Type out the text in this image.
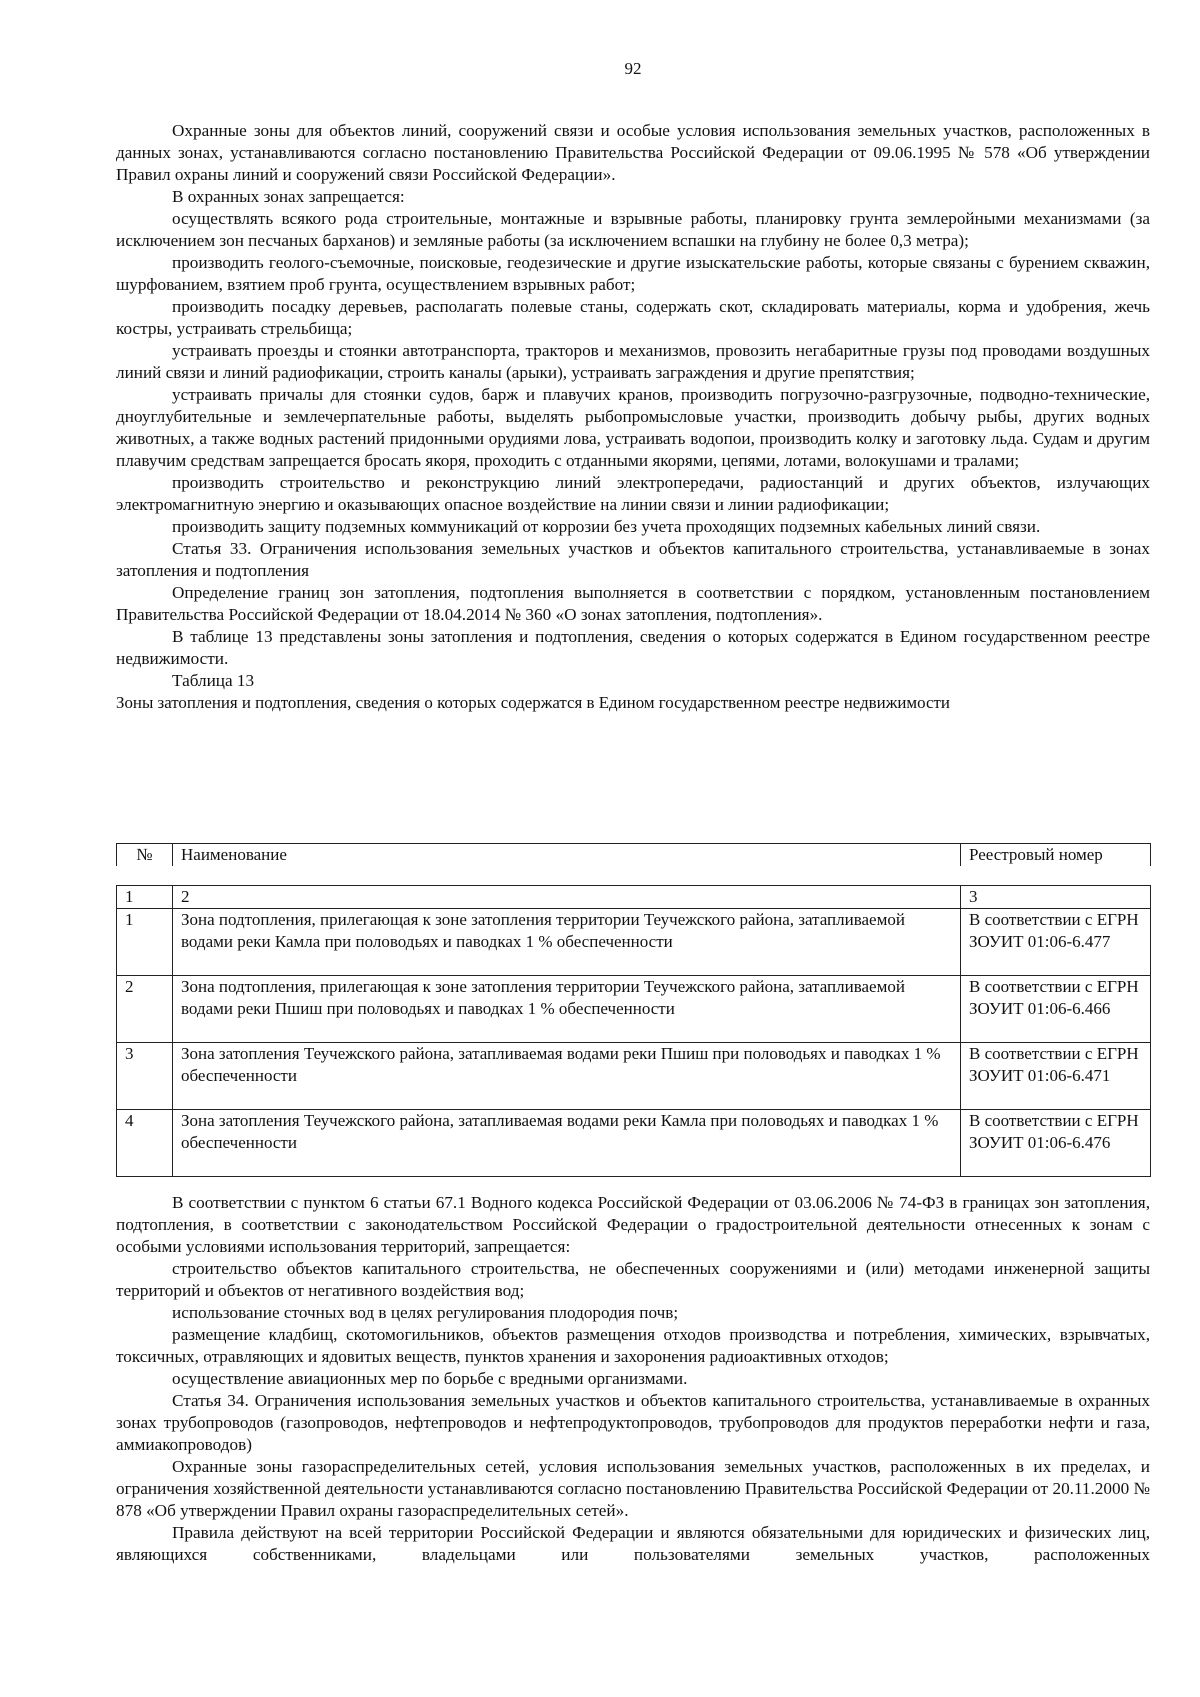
92

Охранные зоны для объектов линий, сооружений связи и особые условия использования земельных участков, расположенных в данных зонах, устанавливаются согласно постановлению Правительства Российской Федерации от 09.06.1995 № 578 «Об утверждении Правил охраны линий и сооружений связи Российской Федерации».

В охранных зонах запрещается:

осуществлять всякого рода строительные, монтажные и взрывные работы, планировку грунта землеройными механизмами (за исключением зон песчаных барханов) и земляные работы (за исключением вспашки на глубину не более 0,3 метра);

производить геолого-съемочные, поисковые, геодезические и другие изыскательские работы, которые связаны с бурением скважин, шурфованием, взятием проб грунта, осуществлением взрывных работ;

производить посадку деревьев, располагать полевые станы, содержать скот, складировать материалы, корма и удобрения, жечь костры, устраивать стрельбища;

устраивать проезды и стоянки автотранспорта, тракторов и механизмов, провозить негабаритные грузы под проводами воздушных линий связи и линий радиофикации, строить каналы (арыки), устраивать заграждения и другие препятствия;

устраивать причалы для стоянки судов, барж и плавучих кранов, производить погрузочно-разгрузочные, подводно-технические, дноуглубительные и землечерпательные работы, выделять рыбопромысловые участки, производить добычу рыбы, других водных животных, а также водных растений придонными орудиями лова, устраивать водопои, производить колку и заготовку льда. Судам и другим плавучим средствам запрещается бросать якоря, проходить с отданными якорями, цепями, лотами, волокушами и тралами;

производить строительство и реконструкцию линий электропередачи, радиостанций и других объектов, излучающих электромагнитную энергию и оказывающих опасное воздействие на линии связи и линии радиофикации;

производить защиту подземных коммуникаций от коррозии без учета проходящих подземных кабельных линий связи.

Статья 33. Ограничения использования земельных участков и объектов капитального строительства, устанавливаемые в зонах затопления и подтопления

Определение границ зон затопления, подтопления выполняется в соответствии с порядком, установленным постановлением Правительства Российской Федерации от 18.04.2014 № 360 «О зонах затопления, подтопления».

В таблице 13 представлены зоны затопления и подтопления, сведения о которых содержатся в Едином государственном реестре недвижимости.

Таблица 13

Зоны затопления и подтопления, сведения о которых содержатся в Едином государственном реестре недвижимости

№	Наименование	Реестровый номер
1	2	3
1	Зона подтопления, прилегающая к зоне затопления территории Теучежского района, затапливаемой водами реки Камла при половодьях и паводках 1 % обеспеченности	В соответствии с ЕГРН ЗОУИТ 01:06-6.477
2	Зона подтопления, прилегающая к зоне затопления территории Теучежского района, затапливаемой водами реки Пшиш при половодьях и паводках 1 % обеспеченности	В соответствии с ЕГРН ЗОУИТ 01:06-6.466
3	Зона затопления Теучежского района, затапливаемая водами реки Пшиш при половодьях и паводках 1 % обеспеченности	В соответствии с ЕГРН ЗОУИТ 01:06-6.471
4	Зона затопления Теучежского района, затапливаемая водами реки Камла при половодьях и паводках 1 % обеспеченности	В соответствии с ЕГРН ЗОУИТ 01:06-6.476

В соответствии с пунктом 6 статьи 67.1 Водного кодекса Российской Федерации от 03.06.2006 № 74-ФЗ в границах зон затопления, подтопления, в соответствии с законодательством Российской Федерации о градостроительной деятельности отнесенных к зонам с особыми условиями использования территорий, запрещается:

строительство объектов капитального строительства, не обеспеченных сооружениями и (или) методами инженерной защиты территорий и объектов от негативного воздействия вод;

использование сточных вод в целях регулирования плодородия почв;

размещение кладбищ, скотомогильников, объектов размещения отходов производства и потребления, химических, взрывчатых, токсичных, отравляющих и ядовитых веществ, пунктов хранения и захоронения радиоактивных отходов;

осуществление авиационных мер по борьбе с вредными организмами.

Статья 34. Ограничения использования земельных участков и объектов капитального строительства, устанавливаемые в охранных зонах трубопроводов (газопроводов, нефтепроводов и нефтепродуктопроводов, трубопроводов для продуктов переработки нефти и газа, аммиакопроводов)

Охранные зоны газораспределительных сетей, условия использования земельных участков, расположенных в их пределах, и ограничения хозяйственной деятельности устанавливаются согласно постановлению Правительства Российской Федерации от 20.11.2000 № 878 «Об утверждении Правил охраны газораспределительных сетей».

Правила действуют на всей территории Российской Федерации и являются обязательными для юридических и физических лиц, являющихся собственниками, владельцами или пользователями земельных участков, расположенных
